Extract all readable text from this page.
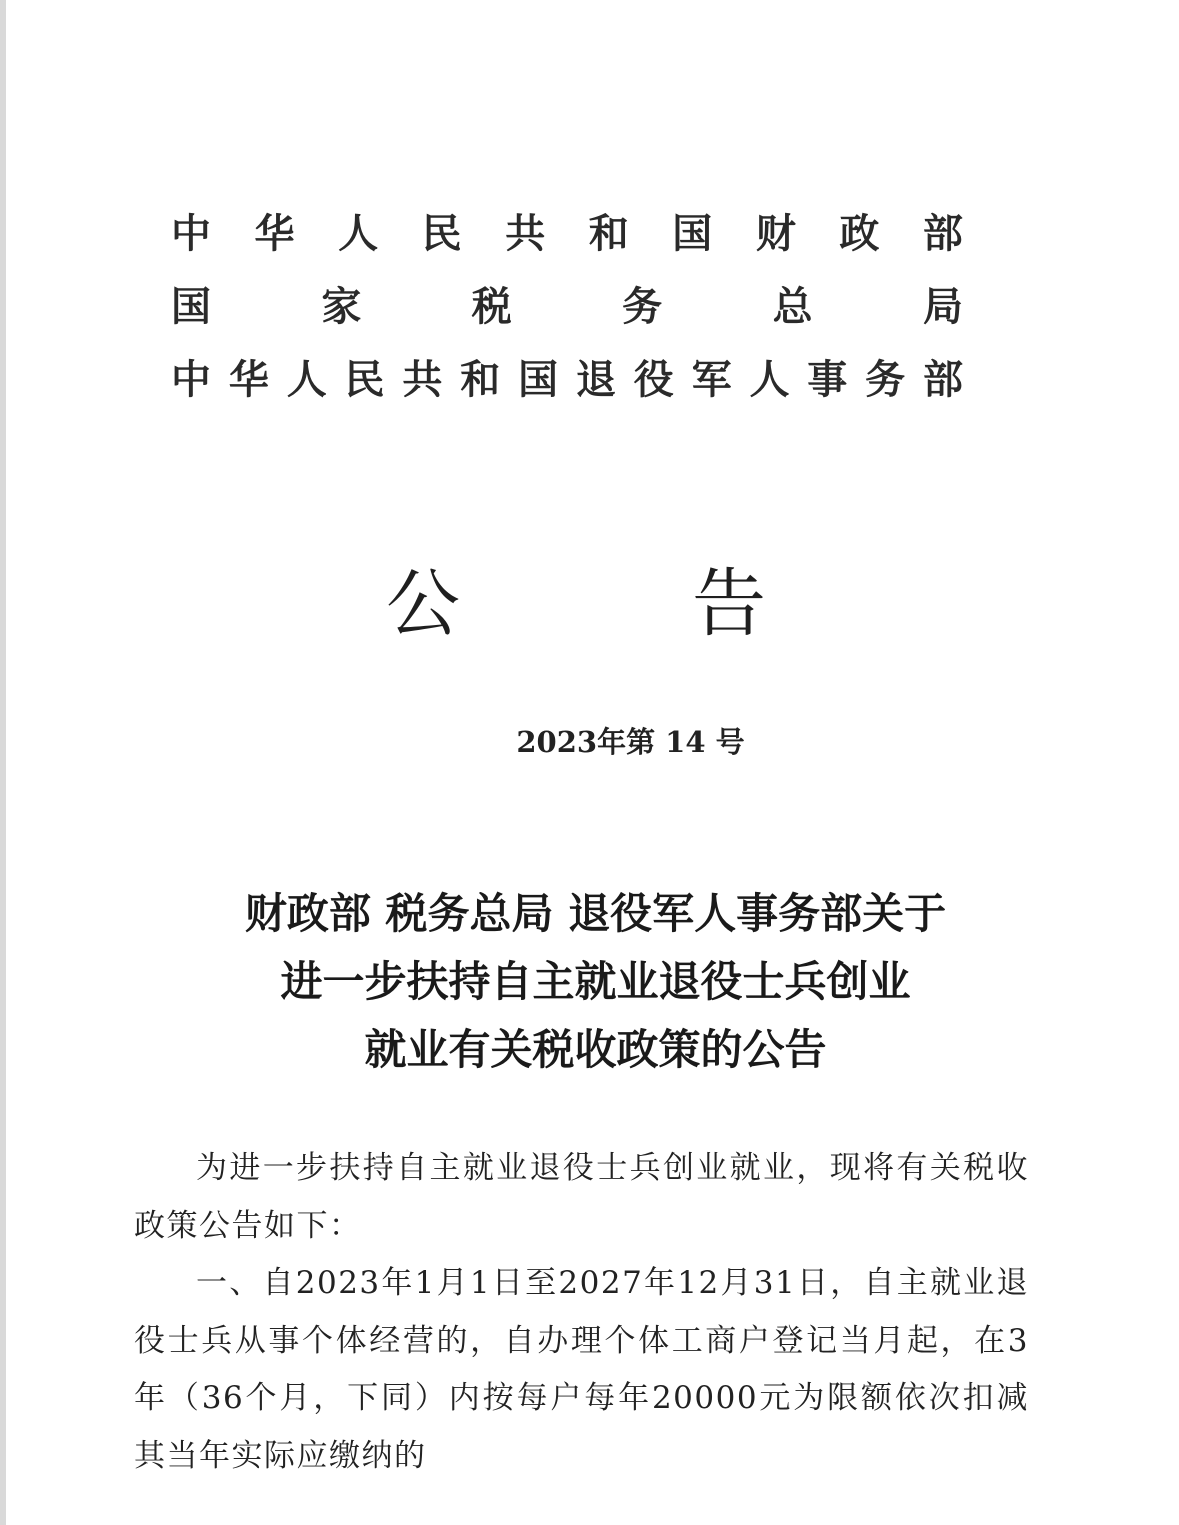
中 华 人 民 共 和 国 财 政 部
国	家	税	务	总	局
中 华 人 民 共 和 国 退 役 军 人 事 务 部
公	告
2023年第 14 号
财政部 税务总局 退役军人事务部关于
进一步扶持自主就业退役士兵创业
就业有关税收政策的公告

为进一步扶持自主就业退役士兵创业就业，现将有关税收政策公告如下：

一、自2023年1月1日至2027年12月31日，自主就业退役士兵从事个体经营的，自办理个体工商户登记当月起，在3年（36个月，下同）内按每户每年20000元为限额依次扣减其当年实际应缴纳的
